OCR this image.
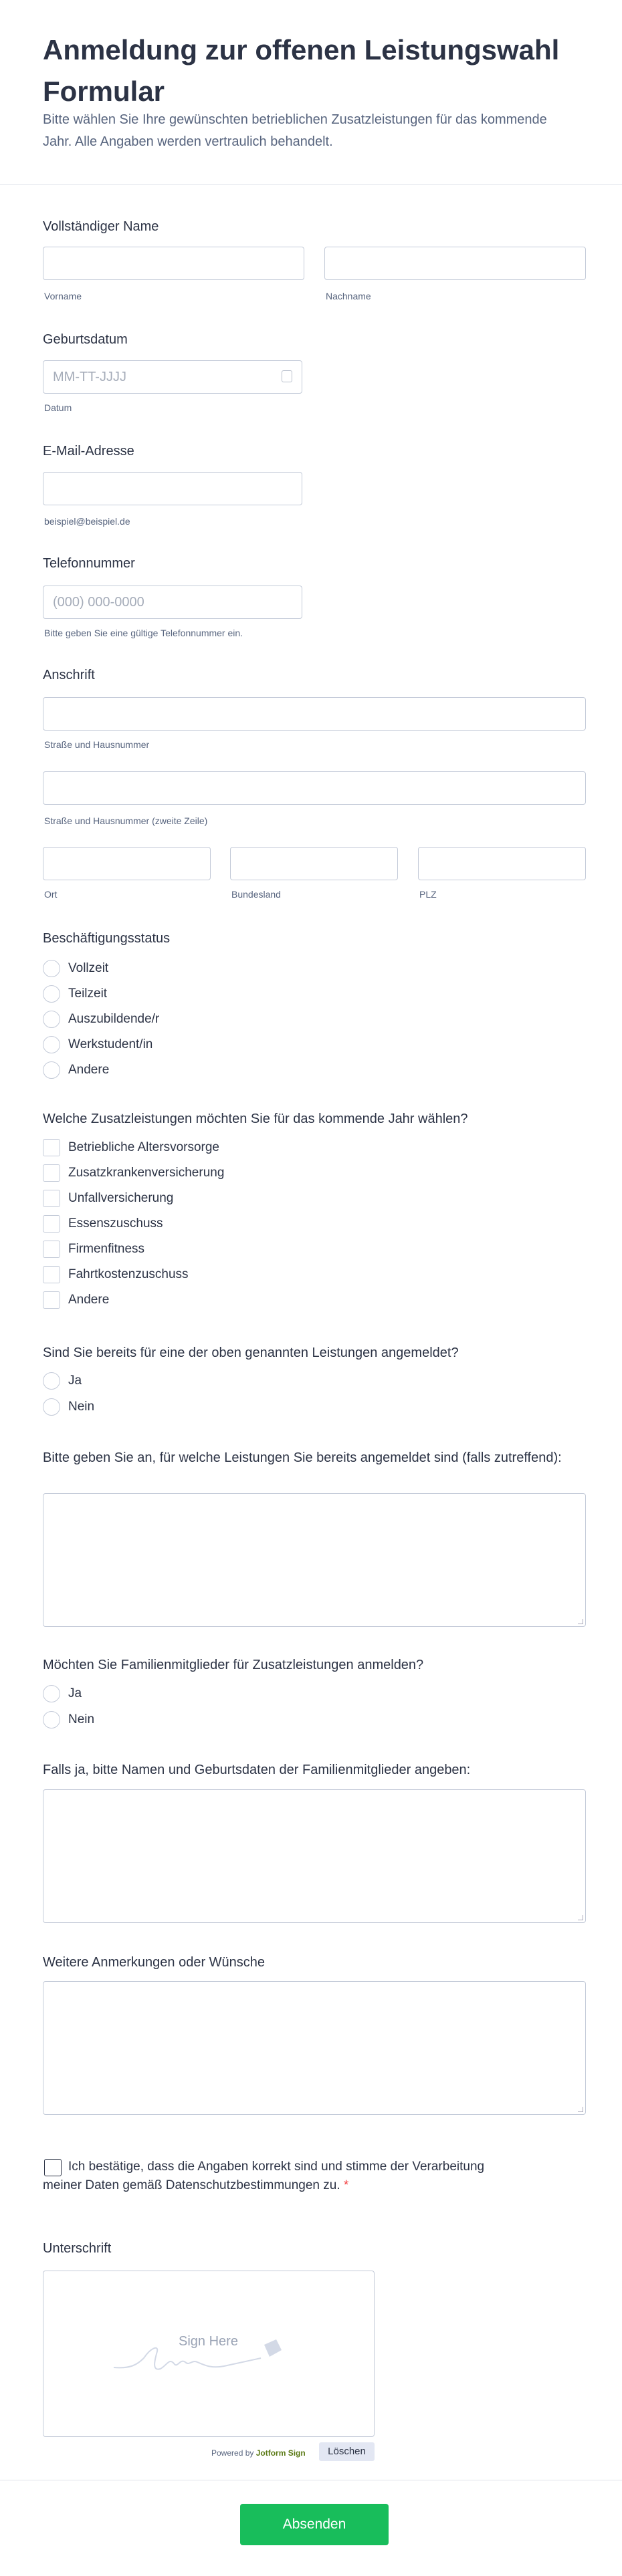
Anmeldung zur offenen Leistungswahl Formular
Bitte wählen Sie Ihre gewünschten betrieblichen Zusatzleistungen für das kommende Jahr. Alle Angaben werden vertraulich behandelt.
Vollständiger Name
Vorname	Nachname
Geburtsdatum
MM-TT-JJJJ
Datum
E-Mail-Adresse
beispiel@beispiel.de
Telefonnummer
(000) 000-0000
Bitte geben Sie eine gültige Telefonnummer ein.
Anschrift
Straße und Hausnummer
Straße und Hausnummer (zweite Zeile)
Ort	Bundesland	PLZ
Beschäftigungsstatus
Vollzeit
Teilzeit
Auszubildende/r
Werkstudent/in
Andere
Welche Zusatzleistungen möchten Sie für das kommende Jahr wählen?
Betriebliche Altersvorsorge
Zusatzkrankenversicherung
Unfallversicherung
Essenszuschuss
Firmenfitness
Fahrtkostenzuschuss
Andere
Sind Sie bereits für eine der oben genannten Leistungen angemeldet?
Ja
Nein
Bitte geben Sie an, für welche Leistungen Sie bereits angemeldet sind (falls zutreffend):
Möchten Sie Familienmitglieder für Zusatzleistungen anmelden?
Ja
Nein
Falls ja, bitte Namen und Geburtsdaten der Familienmitglieder angeben:
Weitere Anmerkungen oder Wünsche
Ich bestätige, dass die Angaben korrekt sind und stimme der Verarbeitung meiner Daten gemäß Datenschutzbestimmungen zu. *
Unterschrift
Sign Here
Powered by Jotform Sign	Löschen
Absenden
